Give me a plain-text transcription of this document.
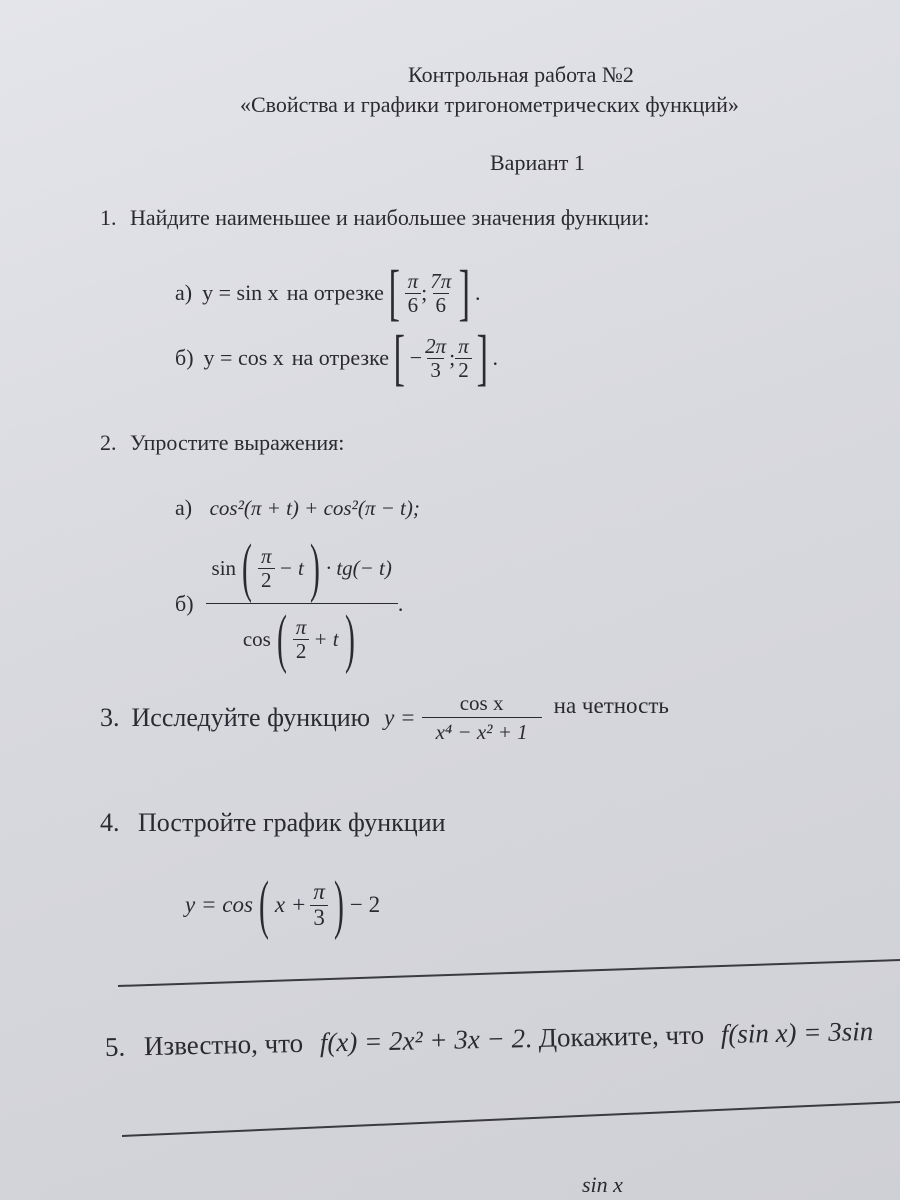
Контрольная работа №2
«Свойства и графики тригонометрических функций»
Вариант 1
1. Найдите наименьшее и наибольшее значения функции:
а) y = sin x на отрезке [ $\frac{\pi}{6}$ ; $\frac{7\pi}{6}$ ] .
б) y = cos x на отрезке [ − $\frac{2\pi}{3}$ ; $\frac{\pi}{2}$ ] .
2. Упростите выражения:
а) cos²(π + t) + cos²(π − t);
б)
sin ( $\frac{\pi}{2} - t$ ) · tg(− t)
cos ( $\frac{\pi}{2} + t$ ) .
3. Исследуйте функцию $y = \frac{\text{cos x}}{\text{x⁴ − x² + 1}}$ на четность
4. Постройте график функции
y = cos ( $x + \frac{\pi}{3}$ ) − 2
5. Известно, что f(x) = 2x² + 3x − 2. Докажите, что f(sin x) = 3sin
sin x
